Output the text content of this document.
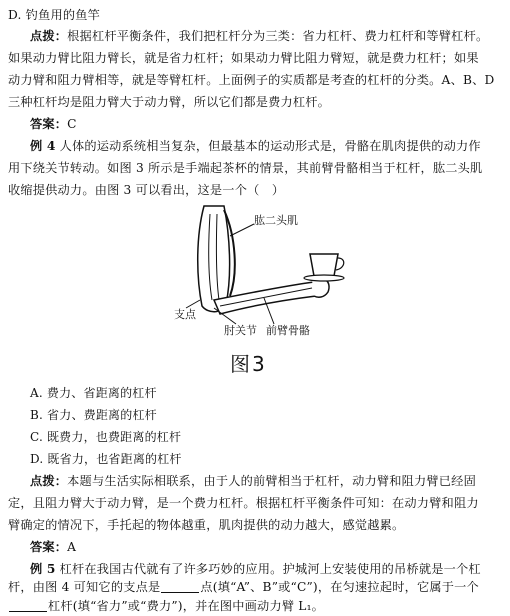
D. 钓鱼用的鱼竿
点拨：根据杠杆平衡条件，我们把杠杆分为三类：省力杠杆、费力杠杆和等臂杠杆。
如果动力臂比阻力臂长，就是省力杠杆；如果动力臂比阻力臂短，就是费力杠杆；如果
动力臂和阻力臂相等，就是等臂杠杆。上面例子的实质都是考查的杠杆的分类。A、B、D
三种杠杆均是阻力臂大于动力臂，所以它们都是费力杠杆。
答案：C
例 4 人体的运动系统相当复杂，但最基本的运动形式是，骨骼在肌肉提供的动力作
用下绕关节转动。如图 3 所示是手端起茶杯的情景，其前臂骨骼相当于杠杆，肱二头肌
收缩提供动力。由图 3 可以看出，这是一个（　）
肱二头肌
支点
肘关节 前臂骨骼
图3
A. 费力、省距离的杠杆
B. 省力、费距离的杠杆
C. 既费力，也费距离的杠杆
D. 既省力，也省距离的杠杆
点拨：本题与生活实际相联系，由于人的前臂相当于杠杆，动力臂和阻力臂已经固
定，且阻力臂大于动力臂，是一个费力杠杆。根据杠杆平衡条件可知：在动力臂和阻力
臂确定的情况下，手托起的物体越重，肌肉提供的动力越大，感觉越累。
答案：A
例 5 杠杆在我国古代就有了许多巧妙的应用。护城河上安装使用的吊桥就是一个杠
杆，由图 4 可知它的支点是	点(填“A”、B”或“C”)，在匀速拉起时，它属于一个
杠杆(填“省力”或“费力”)，并在图中画动力臂 L₁。
